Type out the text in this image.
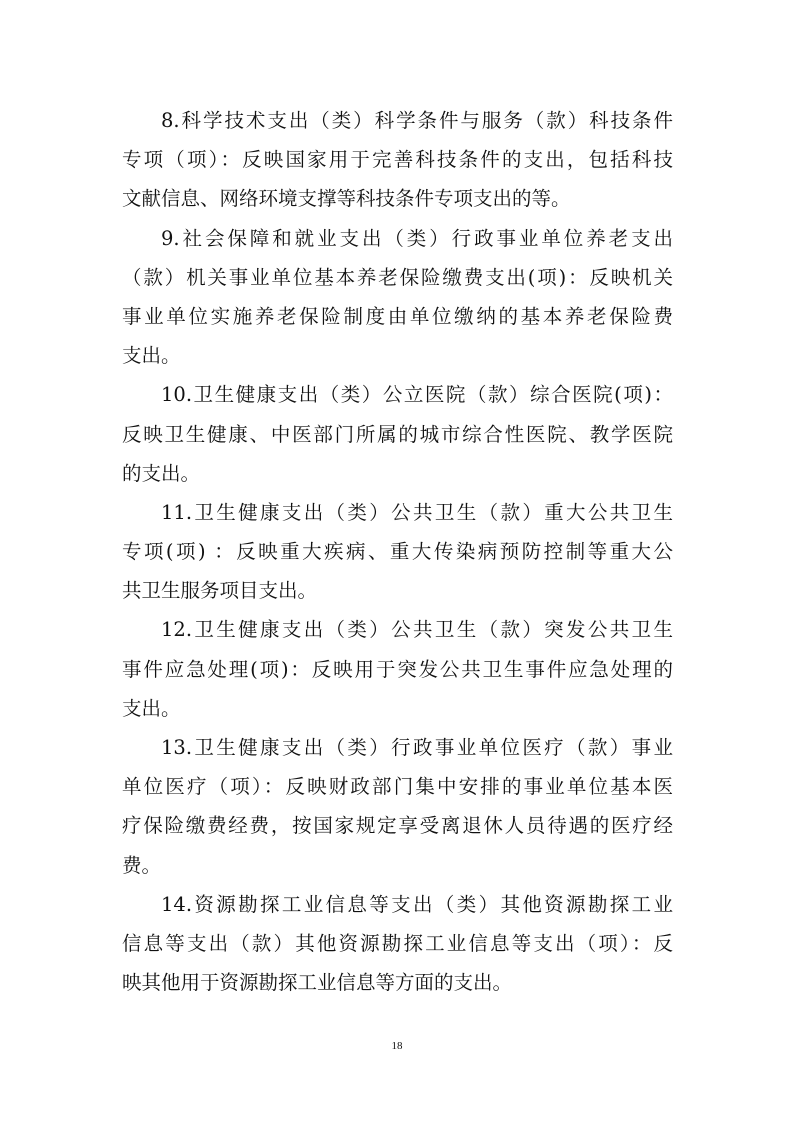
8.科学技术支出（类）科学条件与服务（款）科技条件
专项（项）：反映国家用于完善科技条件的支出，包括科技
文献信息、网络环境支撑等科技条件专项支出的等。
9.社会保障和就业支出（类）行政事业单位养老支出
（款）机关事业单位基本养老保险缴费支出(项)：反映机关
事业单位实施养老保险制度由单位缴纳的基本养老保险费
支出。
10.卫生健康支出（类）公立医院（款）综合医院(项)：
反映卫生健康、中医部门所属的城市综合性医院、教学医院
的支出。
11.卫生健康支出（类）公共卫生（款）重大公共卫生
专项(项) ：反映重大疾病、重大传染病预防控制等重大公
共卫生服务项目支出。
12.卫生健康支出（类）公共卫生（款）突发公共卫生
事件应急处理(项)：反映用于突发公共卫生事件应急处理的
支出。
13.卫生健康支出（类）行政事业单位医疗（款）事业
单位医疗（项）：反映财政部门集中安排的事业单位基本医
疗保险缴费经费，按国家规定享受离退休人员待遇的医疗经
费。
14.资源勘探工业信息等支出（类）其他资源勘探工业
信息等支出（款）其他资源勘探工业信息等支出（项）：反
映其他用于资源勘探工业信息等方面的支出。
18
